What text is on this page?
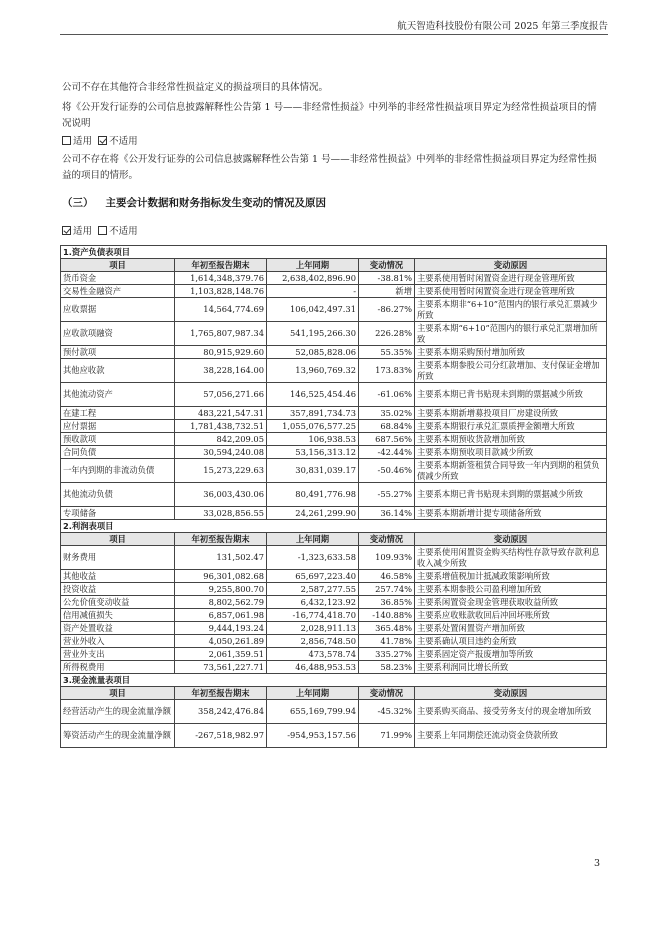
航天智造科技股份有限公司 2025 年第三季度报告
公司不存在其他符合非经常性损益定义的损益项目的具体情况。
将《公开发行证券的公司信息披露解释性公告第 1 号——非经常性损益》中列举的非经常性损益项目界定为经常性损益项目的情况说明
适用 不适用
公司不存在将《公开发行证券的公司信息披露解释性公告第 1 号——非经常性损益》中列举的非经常性损益项目界定为经常性损益的项目的情形。
（三） 主要会计数据和财务指标发生变动的情况及原因
适用 不适用
1.资产负债表项目				
项目	年初至报告期末	上年同期	变动情况	变动原因
货币资金	1,614,348,379.76	2,638,402,896.90	-38.81%	主要系使用暂时闲置资金进行现金管理所致
交易性金融资产	1,103,828,148.76	-	新增	主要系使用暂时闲置资金进行现金管理所致
应收票据	14,564,774.69	106,042,497.31	-86.27%	主要系本期非“6+10”范围内的银行承兑汇票减少所致
应收款项融资	1,765,807,987.34	541,195,266.30	226.28%	主要系本期“6+10”范围内的银行承兑汇票增加所致
预付款项	80,915,929.60	52,085,828.06	55.35%	主要系本期采购预付增加所致
其他应收款	38,228,164.00	13,960,769.32	173.83%	主要系本期参股公司分红款增加、支付保证金增加所致
其他流动资产	57,056,271.66	146,525,454.46	-61.06%	主要系本期已背书贴现未到期的票据减少所致
在建工程	483,221,547.31	357,891,734.73	35.02%	主要系本期新增募投项目厂房建设所致
应付票据	1,781,438,732.51	1,055,076,577.25	68.84%	主要系本期银行承兑汇票质押金额增大所致
预收款项	842,209.05	106,938.53	687.56%	主要系本期预收货款增加所致
合同负债	30,594,240.08	53,156,313.12	-42.44%	主要系本期预收项目款减少所致
一年内到期的非流动负债	15,273,229.63	30,831,039.17	-50.46%	主要系本期新签租赁合同导致一年内到期的租赁负债减少所致
其他流动负债	36,003,430.06	80,491,776.98	-55.27%	主要系本期已背书贴现未到期的票据减少所致
专项储备	33,028,856.55	24,261,299.90	36.14%	主要系本期新增计提专项储备所致
2.利润表项目				
项目	年初至报告期末	上年同期	变动情况	变动原因
财务费用	131,502.47	-1,323,633.58	109.93%	主要系使用闲置资金购买结构性存款导致存款利息收入减少所致
其他收益	96,301,082.68	65,697,223.40	46.58%	主要系增值税加计抵减政策影响所致
投资收益	9,255,800.70	2,587,277.55	257.74%	主要系本期参股公司盈利增加所致
公允价值变动收益	8,802,562.79	6,432,123.92	36.85%	主要系闲置资金现金管理获取收益所致
信用减值损失	6,857,061.98	-16,774,418.70	-140.88%	主要系应收账款收回后冲回坏账所致
资产处置收益	9,444,193.24	2,028,911.13	365.48%	主要系处置闲置资产增加所致
营业外收入	4,050,261.89	2,856,748.50	41.78%	主要系确认项目违约金所致
营业外支出	2,061,359.51	473,578.74	335.27%	主要系固定资产报废增加等所致
所得税费用	73,561,227.71	46,488,953.53	58.23%	主要系利润同比增长所致
3.现金流量表项目				
项目	年初至报告期末	上年同期	变动情况	变动原因
经营活动产生的现金流量净额	358,242,476.84	655,169,799.94	-45.32%	主要系购买商品、接受劳务支付的现金增加所致
筹资活动产生的现金流量净额	-267,518,982.97	-954,953,157.56	71.99%	主要系上年同期偿还流动资金贷款所致
3
